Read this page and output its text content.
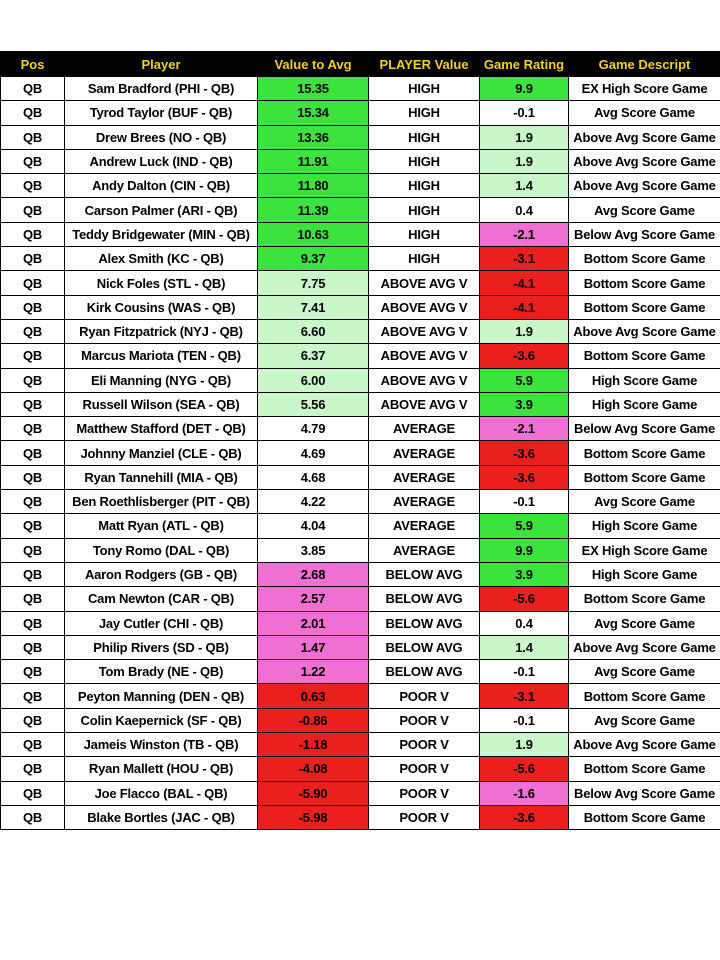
Pos	Player	Value to Avg	PLAYER Value	Game Rating	Game Descript
QB	Sam Bradford (PHI - QB)	15.35	HIGH	9.9	EX High Score Game
QB	Tyrod Taylor (BUF - QB)	15.34	HIGH	-0.1	Avg Score Game
QB	Drew Brees (NO - QB)	13.36	HIGH	1.9	Above Avg Score Game
QB	Andrew Luck (IND - QB)	11.91	HIGH	1.9	Above Avg Score Game
QB	Andy Dalton (CIN - QB)	11.80	HIGH	1.4	Above Avg Score Game
QB	Carson Palmer (ARI - QB)	11.39	HIGH	0.4	Avg Score Game
QB	Teddy Bridgewater (MIN - QB)	10.63	HIGH	-2.1	Below Avg Score Game
QB	Alex Smith (KC - QB)	9.37	HIGH	-3.1	Bottom Score Game
QB	Nick Foles (STL - QB)	7.75	ABOVE AVG V	-4.1	Bottom Score Game
QB	Kirk Cousins (WAS - QB)	7.41	ABOVE AVG V	-4.1	Bottom Score Game
QB	Ryan Fitzpatrick (NYJ - QB)	6.60	ABOVE AVG V	1.9	Above Avg Score Game
QB	Marcus Mariota (TEN - QB)	6.37	ABOVE AVG V	-3.6	Bottom Score Game
QB	Eli Manning (NYG - QB)	6.00	ABOVE AVG V	5.9	High Score Game
QB	Russell Wilson (SEA - QB)	5.56	ABOVE AVG V	3.9	High Score Game
QB	Matthew Stafford (DET - QB)	4.79	AVERAGE	-2.1	Below Avg Score Game
QB	Johnny Manziel (CLE - QB)	4.69	AVERAGE	-3.6	Bottom Score Game
QB	Ryan Tannehill (MIA - QB)	4.68	AVERAGE	-3.6	Bottom Score Game
QB	Ben Roethlisberger (PIT - QB)	4.22	AVERAGE	-0.1	Avg Score Game
QB	Matt Ryan (ATL - QB)	4.04	AVERAGE	5.9	High Score Game
QB	Tony Romo (DAL - QB)	3.85	AVERAGE	9.9	EX High Score Game
QB	Aaron Rodgers (GB - QB)	2.68	BELOW AVG	3.9	High Score Game
QB	Cam Newton (CAR - QB)	2.57	BELOW AVG	-5.6	Bottom Score Game
QB	Jay Cutler (CHI - QB)	2.01	BELOW AVG	0.4	Avg Score Game
QB	Philip Rivers (SD - QB)	1.47	BELOW AVG	1.4	Above Avg Score Game
QB	Tom Brady (NE - QB)	1.22	BELOW AVG	-0.1	Avg Score Game
QB	Peyton Manning (DEN - QB)	0.63	POOR V	-3.1	Bottom Score Game
QB	Colin Kaepernick (SF - QB)	-0.86	POOR V	-0.1	Avg Score Game
QB	Jameis Winston (TB - QB)	-1.18	POOR V	1.9	Above Avg Score Game
QB	Ryan Mallett (HOU - QB)	-4.08	POOR V	-5.6	Bottom Score Game
QB	Joe Flacco (BAL - QB)	-5.90	POOR V	-1.6	Below Avg Score Game
QB	Blake Bortles (JAC - QB)	-5.98	POOR V	-3.6	Bottom Score Game
